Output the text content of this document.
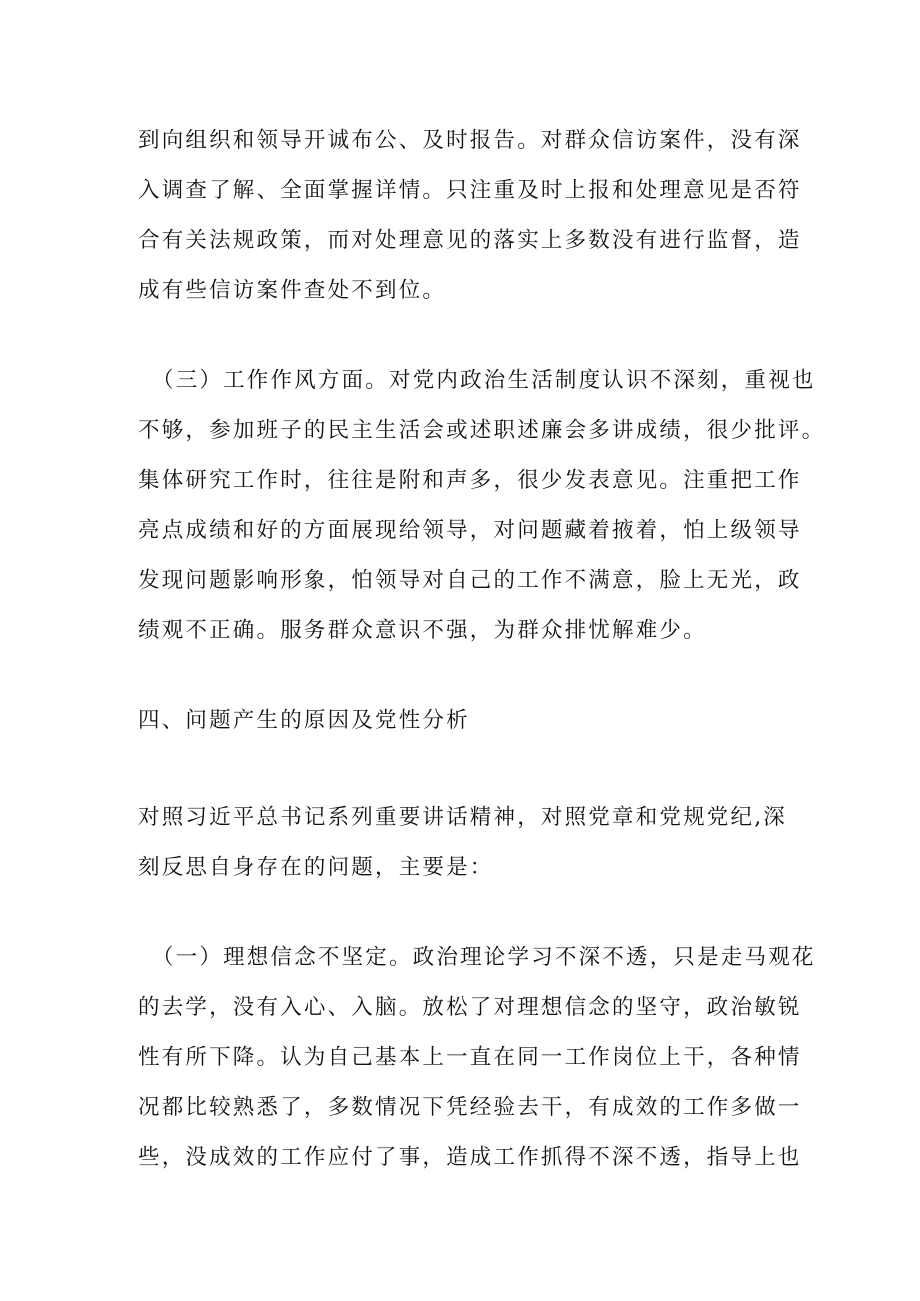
到向组织和领导开诚布公、及时报告。对群众信访案件，没有深
入调查了解、全面掌握详情。只注重及时上报和处理意见是否符
合有关法规政策，而对处理意见的落实上多数没有进行监督，造
成有些信访案件查处不到位。
（三）工作作风方面。对党内政治生活制度认识不深刻，重视也
不够，参加班子的民主生活会或述职述廉会多讲成绩，很少批评。
集体研究工作时，往往是附和声多，很少发表意见。注重把工作
亮点成绩和好的方面展现给领导，对问题藏着掖着，怕上级领导
发现问题影响形象，怕领导对自己的工作不满意，脸上无光，政
绩观不正确。服务群众意识不强，为群众排忧解难少。
四、问题产生的原因及党性分析
对照习近平总书记系列重要讲话精神，对照党章和党规党纪,深
刻反思自身存在的问题，主要是：
（一）理想信念不坚定。政治理论学习不深不透，只是走马观花
的去学，没有入心、入脑。放松了对理想信念的坚守，政治敏锐
性有所下降。认为自己基本上一直在同一工作岗位上干，各种情
况都比较熟悉了，多数情况下凭经验去干，有成效的工作多做一
些，没成效的工作应付了事，造成工作抓得不深不透，指导上也
